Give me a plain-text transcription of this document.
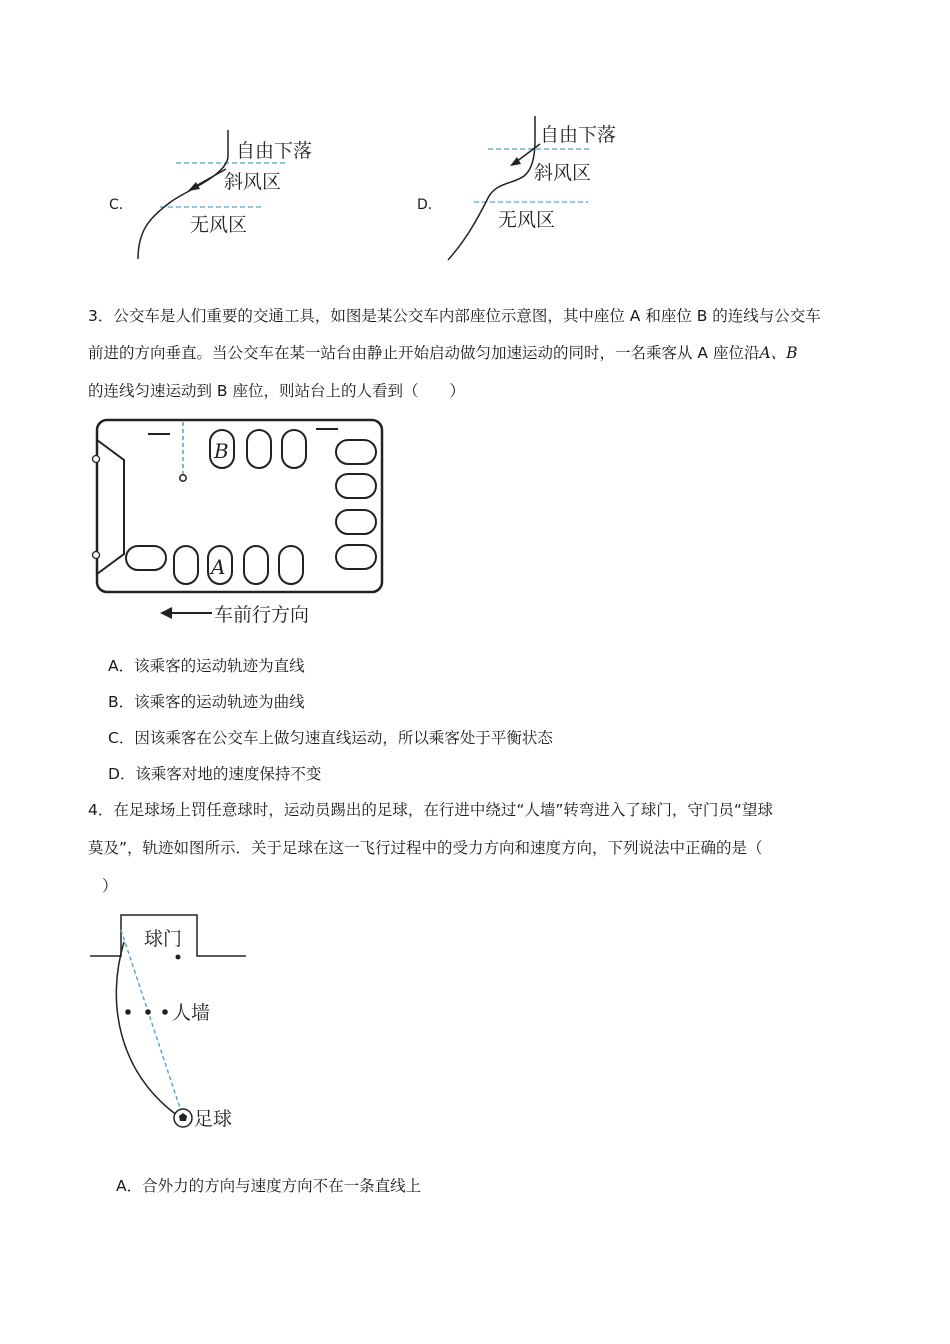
C．
自由下落
斜风区
无风区
D．
自由下落
斜风区
无风区
3．公交车是人们重要的交通工具，如图是某公交车内部座位示意图，其中座位 A 和座位 B 的连线与公交车
前进的方向垂直。当公交车在某一站台由静止开始启动做匀加速运动的同时，一名乘客从 A 座位沿A、B
的连线匀速运动到 B 座位，则站台上的人看到（　　）
B
A
车前行方向
A．该乘客的运动轨迹为直线
B．该乘客的运动轨迹为曲线
C．因该乘客在公交车上做匀速直线运动，所以乘客处于平衡状态
D．该乘客对地的速度保持不变
4．在足球场上罚任意球时，运动员踢出的足球，在行进中绕过“人墙”转弯进入了球门，守门员“望球
莫及”，轨迹如图所示．关于足球在这一飞行过程中的受力方向和速度方向，下列说法中正确的是（
）
球门
人墙
足球
A．合外力的方向与速度方向不在一条直线上
